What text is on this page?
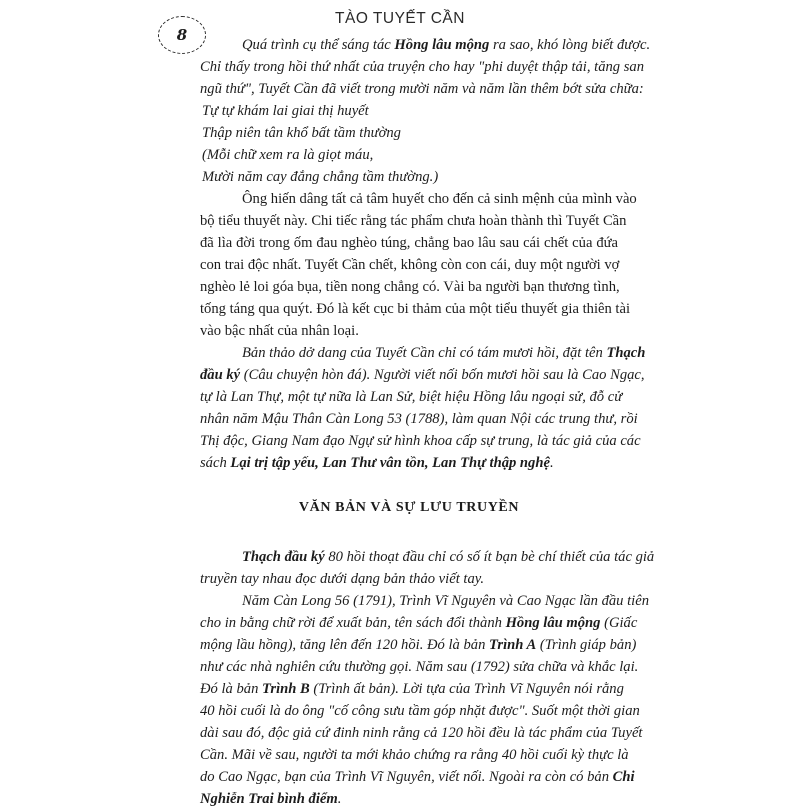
8
TÀO TUYẾT CẦN
Quá trình cụ thể sáng tác Hồng lâu mộng ra sao, khó lòng biết được.
Chỉ thấy trong hồi thứ nhất của truyện cho hay "phi duyệt thập tải, tăng san
ngũ thứ", Tuyết Cần đã viết trong mười năm và năm lần thêm bớt sửa chữa:
Tự tự khám lai giai thị huyết
Thập niên tân khổ bất tầm thường
(Mỗi chữ xem ra là giọt máu,
Mười năm cay đắng chẳng tầm thường.)
Ông hiến dâng tất cả tâm huyết cho đến cả sinh mệnh của mình vào
bộ tiểu thuyết này. Chi tiếc rằng tác phẩm chưa hoàn thành thì Tuyết Cần
đã lìa đời trong ốm đau nghèo túng, chẳng bao lâu sau cái chết của đứa
con trai độc nhất. Tuyết Cần chết, không còn con cái, duy một người vợ
nghèo lẻ loi góa bụa, tiền nong chẳng có. Vài ba người bạn thương tình,
tống táng qua quýt. Đó là kết cục bi thảm của một tiểu thuyết gia thiên tài
vào bậc nhất của nhân loại.
Bản thảo dở dang của Tuyết Cần chỉ có tám mươi hồi, đặt tên Thạch
đầu ký (Câu chuyện hòn đá). Người viết nối bốn mươi hồi sau là Cao Ngạc,
tự là Lan Thự, một tự nữa là Lan Sử, biệt hiệu Hồng lâu ngoại sử, đỗ cử
nhân năm Mậu Thân Càn Long 53 (1788), làm quan Nội các trung thư, rồi
Thị độc, Giang Nam đạo Ngự sử hình khoa cấp sự trung, là tác giả của các
sách Lại trị tập yếu, Lan Thư vân tồn, Lan Thự thập nghệ.
VĂN BẢN VÀ SỰ LƯU TRUYỀN
Thạch đầu ký 80 hồi thoạt đầu chỉ có số ít bạn bè chí thiết của tác giả
truyền tay nhau đọc dưới dạng bản thảo viết tay.
Năm Càn Long 56 (1791), Trình Vĩ Nguyên và Cao Ngạc lần đầu tiên
cho in bằng chữ rời để xuất bản, tên sách đổi thành Hồng lâu mộng (Giấc
mộng lầu hồng), tăng lên đến 120 hồi. Đó là bản Trình A (Trình giáp bản)
như các nhà nghiên cứu thường gọi. Năm sau (1792) sửa chữa và khắc lại.
Đó là bản Trình B (Trình ất bản). Lời tựa của Trình Vĩ Nguyên nói rằng
40 hồi cuối là do ông "cố công sưu tầm góp nhặt được". Suốt một thời gian
dài sau đó, độc giả cứ đinh ninh rằng cả 120 hồi đều là tác phẩm của Tuyết
Cần. Mãi về sau, người ta mới khảo chứng ra rằng 40 hồi cuối kỳ thực là
do Cao Ngạc, bạn của Trình Vĩ Nguyên, viết nối. Ngoài ra còn có bản Chi
Nghiễn Trai bình điểm.
